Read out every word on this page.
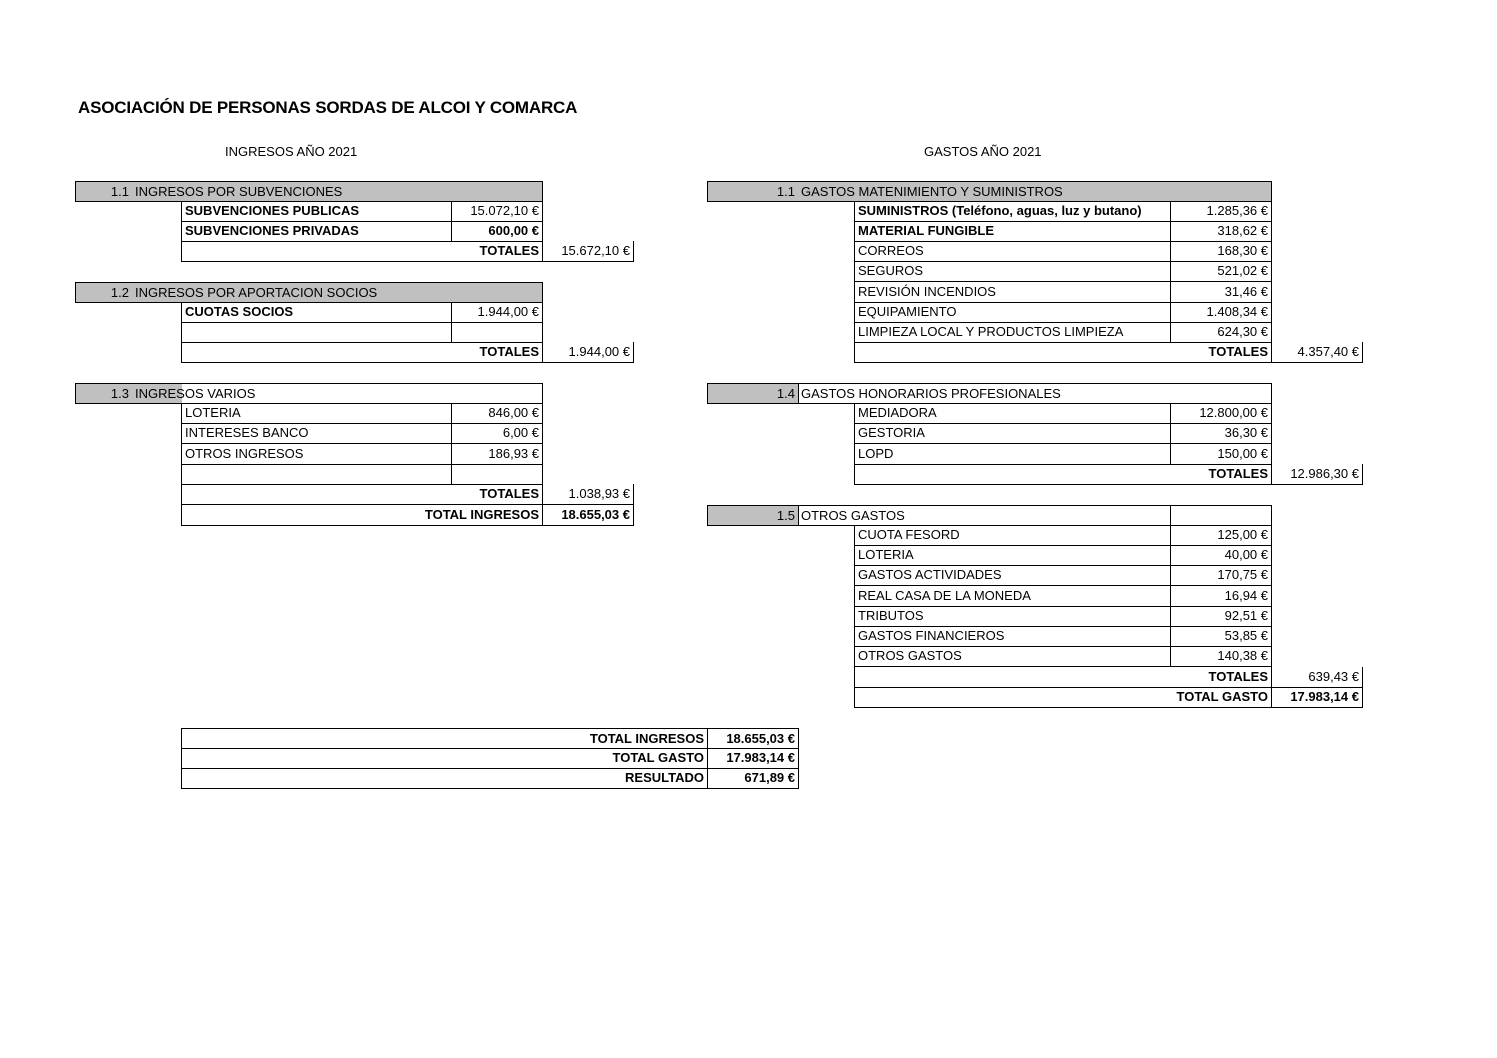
ASOCIACIÓN DE PERSONAS SORDAS DE ALCOI Y COMARCA
INGRESOS AÑO 2021	GASTOS AÑO 2021
1.1 INGRESOS POR SUBVENCIONES
SUBVENCIONES PUBLICAS	15.072,10 €
SUBVENCIONES PRIVADAS	600,00 €
TOTALES	15.672,10 €
1.2 INGRESOS POR APORTACION SOCIOS
CUOTAS SOCIOS	1.944,00 €
TOTALES	1.944,00 €
1.3 INGRESOS VARIOS
LOTERIA	846,00 €
INTERESES BANCO	6,00 €
OTROS INGRESOS	186,93 €
TOTALES	1.038,93 €
TOTAL INGRESOS	18.655,03 €
1.1 GASTOS MATENIMIENTO Y SUMINISTROS
SUMINISTROS (Teléfono, aguas, luz y butano)	1.285,36 €
MATERIAL FUNGIBLE	318,62 €
CORREOS	168,30 €
SEGUROS	521,02 €
REVISIÓN INCENDIOS	31,46 €
EQUIPAMIENTO	1.408,34 €
LIMPIEZA LOCAL Y PRODUCTOS LIMPIEZA	624,30 €
TOTALES	4.357,40 €
1.4 GASTOS HONORARIOS PROFESIONALES
MEDIADORA	12.800,00 €
GESTORIA	36,30 €
LOPD	150,00 €
TOTALES	12.986,30 €
1.5 OTROS GASTOS
CUOTA FESORD	125,00 €
LOTERIA	40,00 €
GASTOS ACTIVIDADES	170,75 €
REAL CASA DE LA MONEDA	16,94 €
TRIBUTOS	92,51 €
GASTOS FINANCIEROS	53,85 €
OTROS GASTOS	140,38 €
TOTALES	639,43 €
TOTAL GASTO	17.983,14 €
TOTAL INGRESOS	18.655,03 €
TOTAL GASTO	17.983,14 €
RESULTADO	671,89 €
